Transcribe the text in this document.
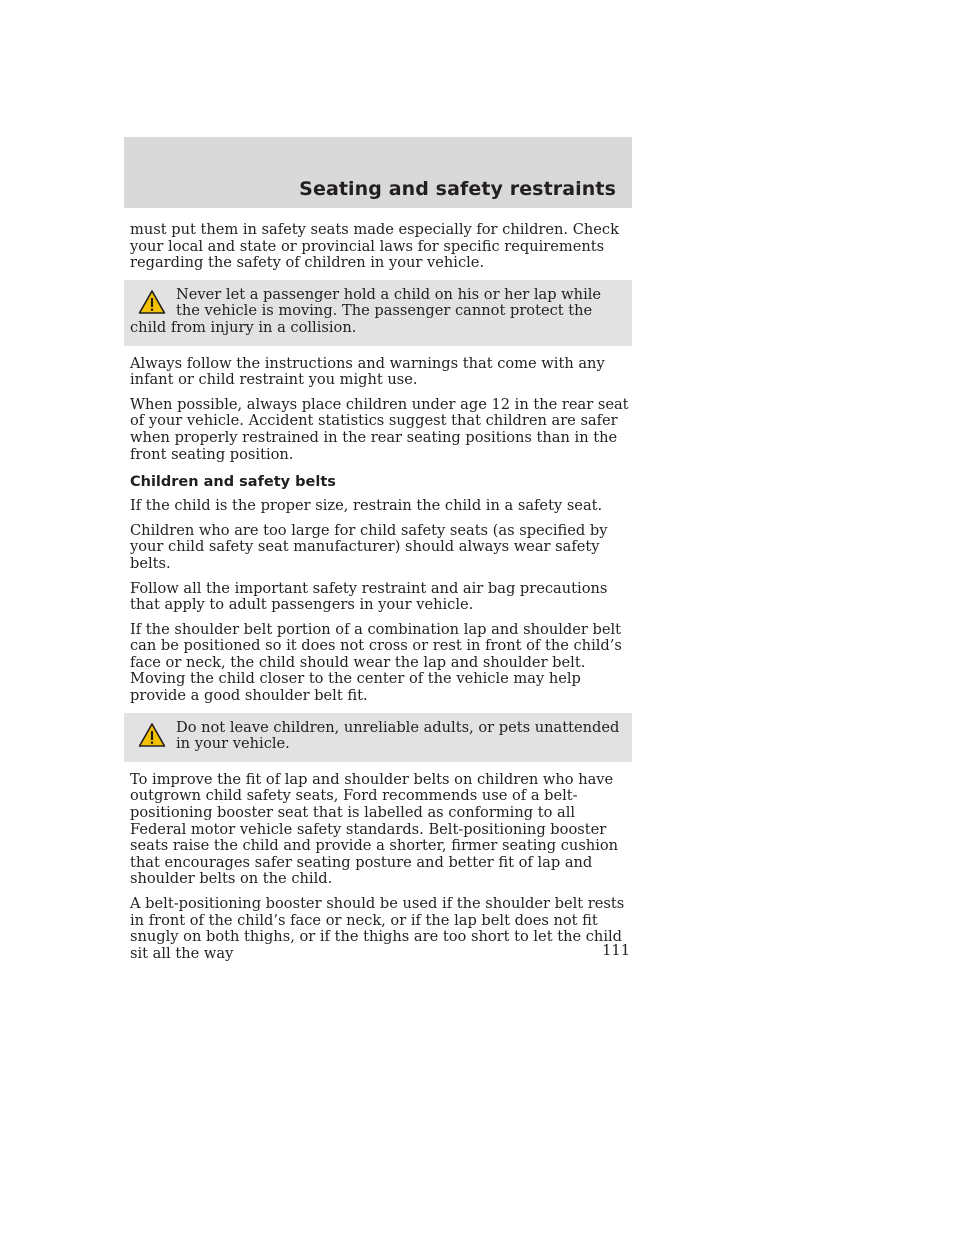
Seating and safety restraints

must put them in safety seats made especially for children. Check your local and state or provincial laws for specific requirements regarding the safety of children in your vehicle.

Never let a passenger hold a child on his or her lap while the vehicle is moving. The passenger cannot protect the child from injury in a collision.

Always follow the instructions and warnings that come with any infant or child restraint you might use.

When possible, always place children under age 12 in the rear seat of your vehicle. Accident statistics suggest that children are safer when properly restrained in the rear seating positions than in the front seating position.

Children and safety belts

If the child is the proper size, restrain the child in a safety seat.

Children who are too large for child safety seats (as specified by your child safety seat manufacturer) should always wear safety belts.

Follow all the important safety restraint and air bag precautions that apply to adult passengers in your vehicle.

If the shoulder belt portion of a combination lap and shoulder belt can be positioned so it does not cross or rest in front of the child’s face or neck, the child should wear the lap and shoulder belt. Moving the child closer to the center of the vehicle may help provide a good shoulder belt fit.

Do not leave children, unreliable adults, or pets unattended in your vehicle.

To improve the fit of lap and shoulder belts on children who have outgrown child safety seats, Ford recommends use of a belt-positioning booster seat that is labelled as conforming to all Federal motor vehicle safety standards. Belt-positioning booster seats raise the child and provide a shorter, firmer seating cushion that encourages safer seating posture and better fit of lap and shoulder belts on the child.

A belt-positioning booster should be used if the shoulder belt rests in front of the child’s face or neck, or if the lap belt does not fit snugly on both thighs, or if the thighs are too short to let the child sit all the way	111
